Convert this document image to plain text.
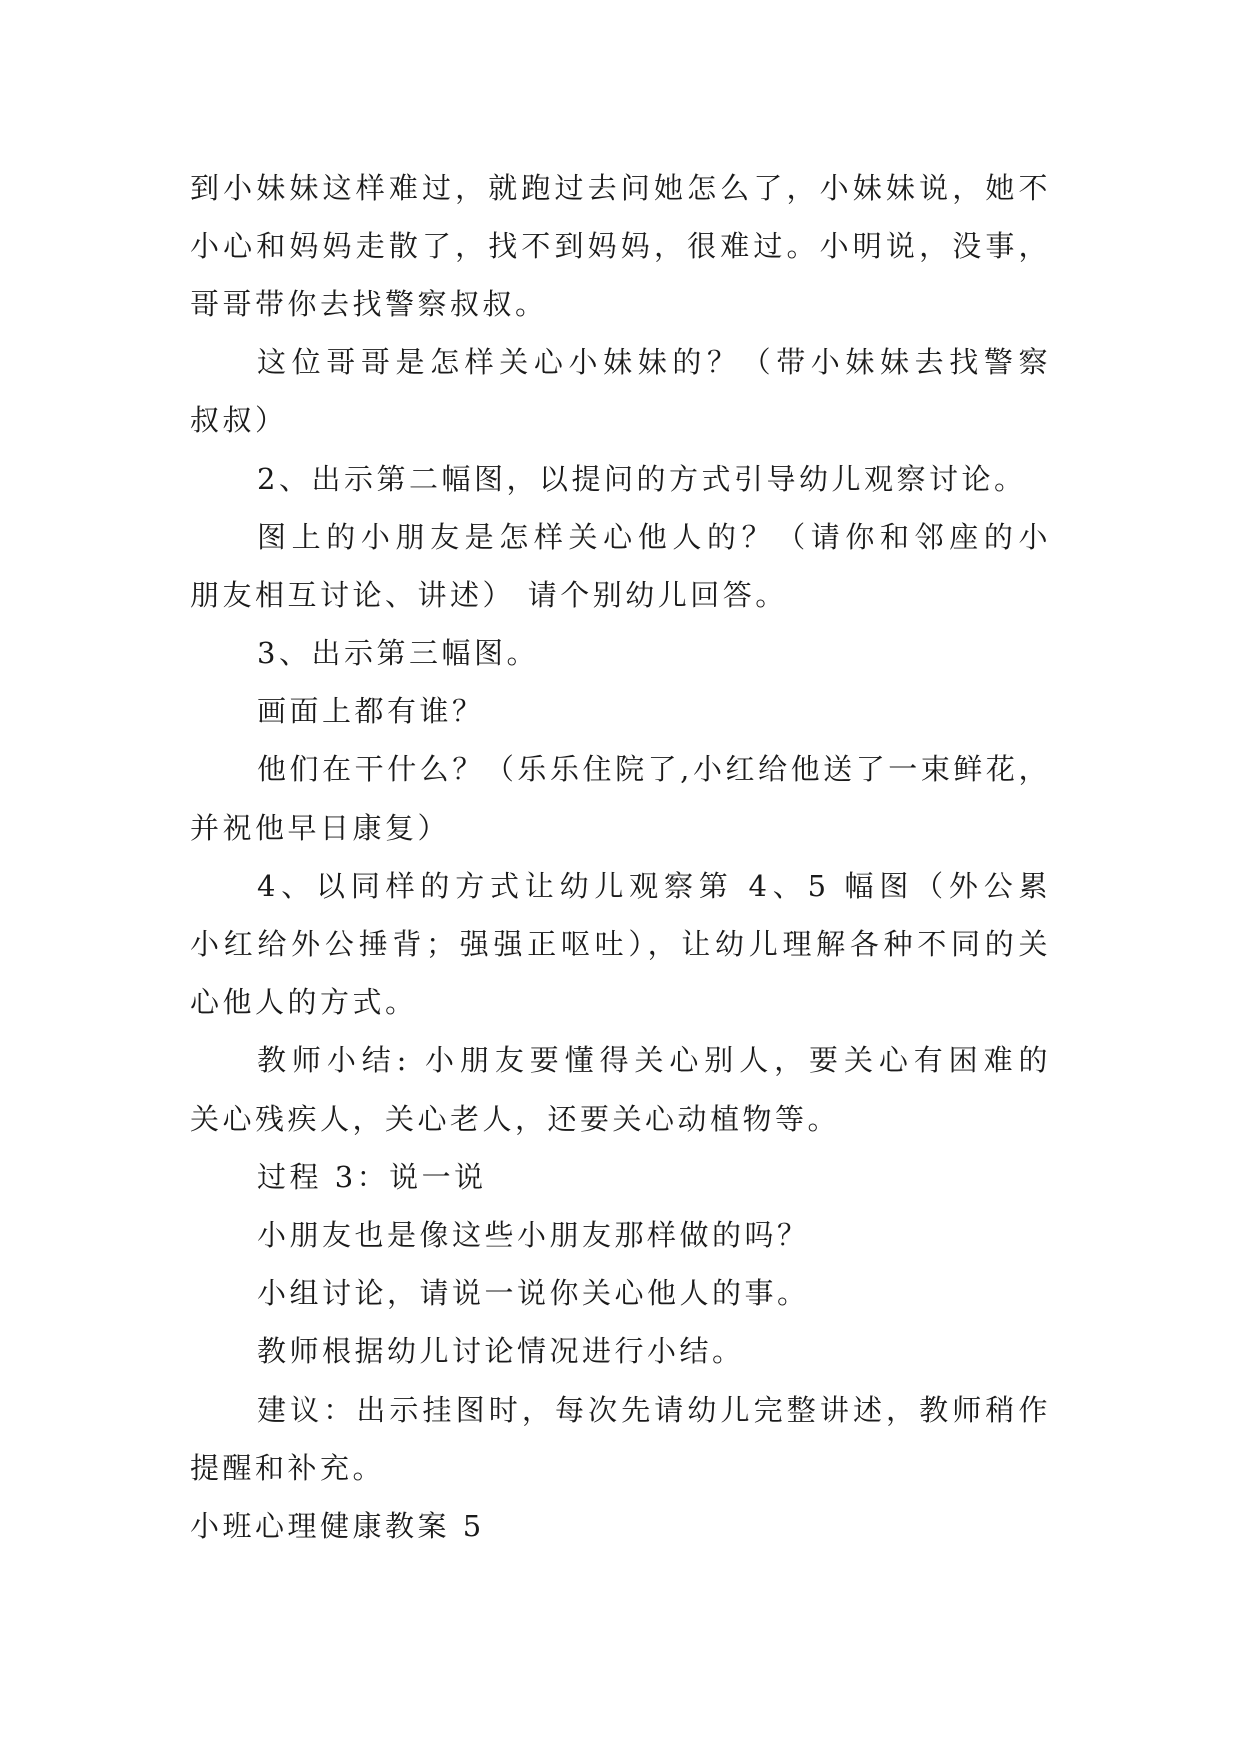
到小妹妹这样难过，就跑过去问她怎么了，小妹妹说，她不
小心和妈妈走散了，找不到妈妈，很难过。小明说，没事，
哥哥带你去找警察叔叔。
这位哥哥是怎样关心小妹妹的？（带小妹妹去找警察
叔叔）
2、出示第二幅图，以提问的方式引导幼儿观察讨论。
图上的小朋友是怎样关心他人的？（请你和邻座的小
朋友相互讨论、讲述） 请个别幼儿回答。
3、出示第三幅图。
画面上都有谁？
他们在干什么？（乐乐住院了,小红给他送了一束鲜花，
并祝他早日康复）
4、以同样的方式让幼儿观察第 4、5 幅图（外公累
小红给外公捶背；强强正呕吐），让幼儿理解各种不同的关
心他人的方式。
教师小结: 小朋友要懂得关心别人，要关心有困难的
关心残疾人，关心老人，还要关心动植物等。
过程 3：说一说
小朋友也是像这些小朋友那样做的吗？
小组讨论，请说一说你关心他人的事。
教师根据幼儿讨论情况进行小结。
建议：出示挂图时，每次先请幼儿完整讲述，教师稍作
提醒和补充。
小班心理健康教案 5
